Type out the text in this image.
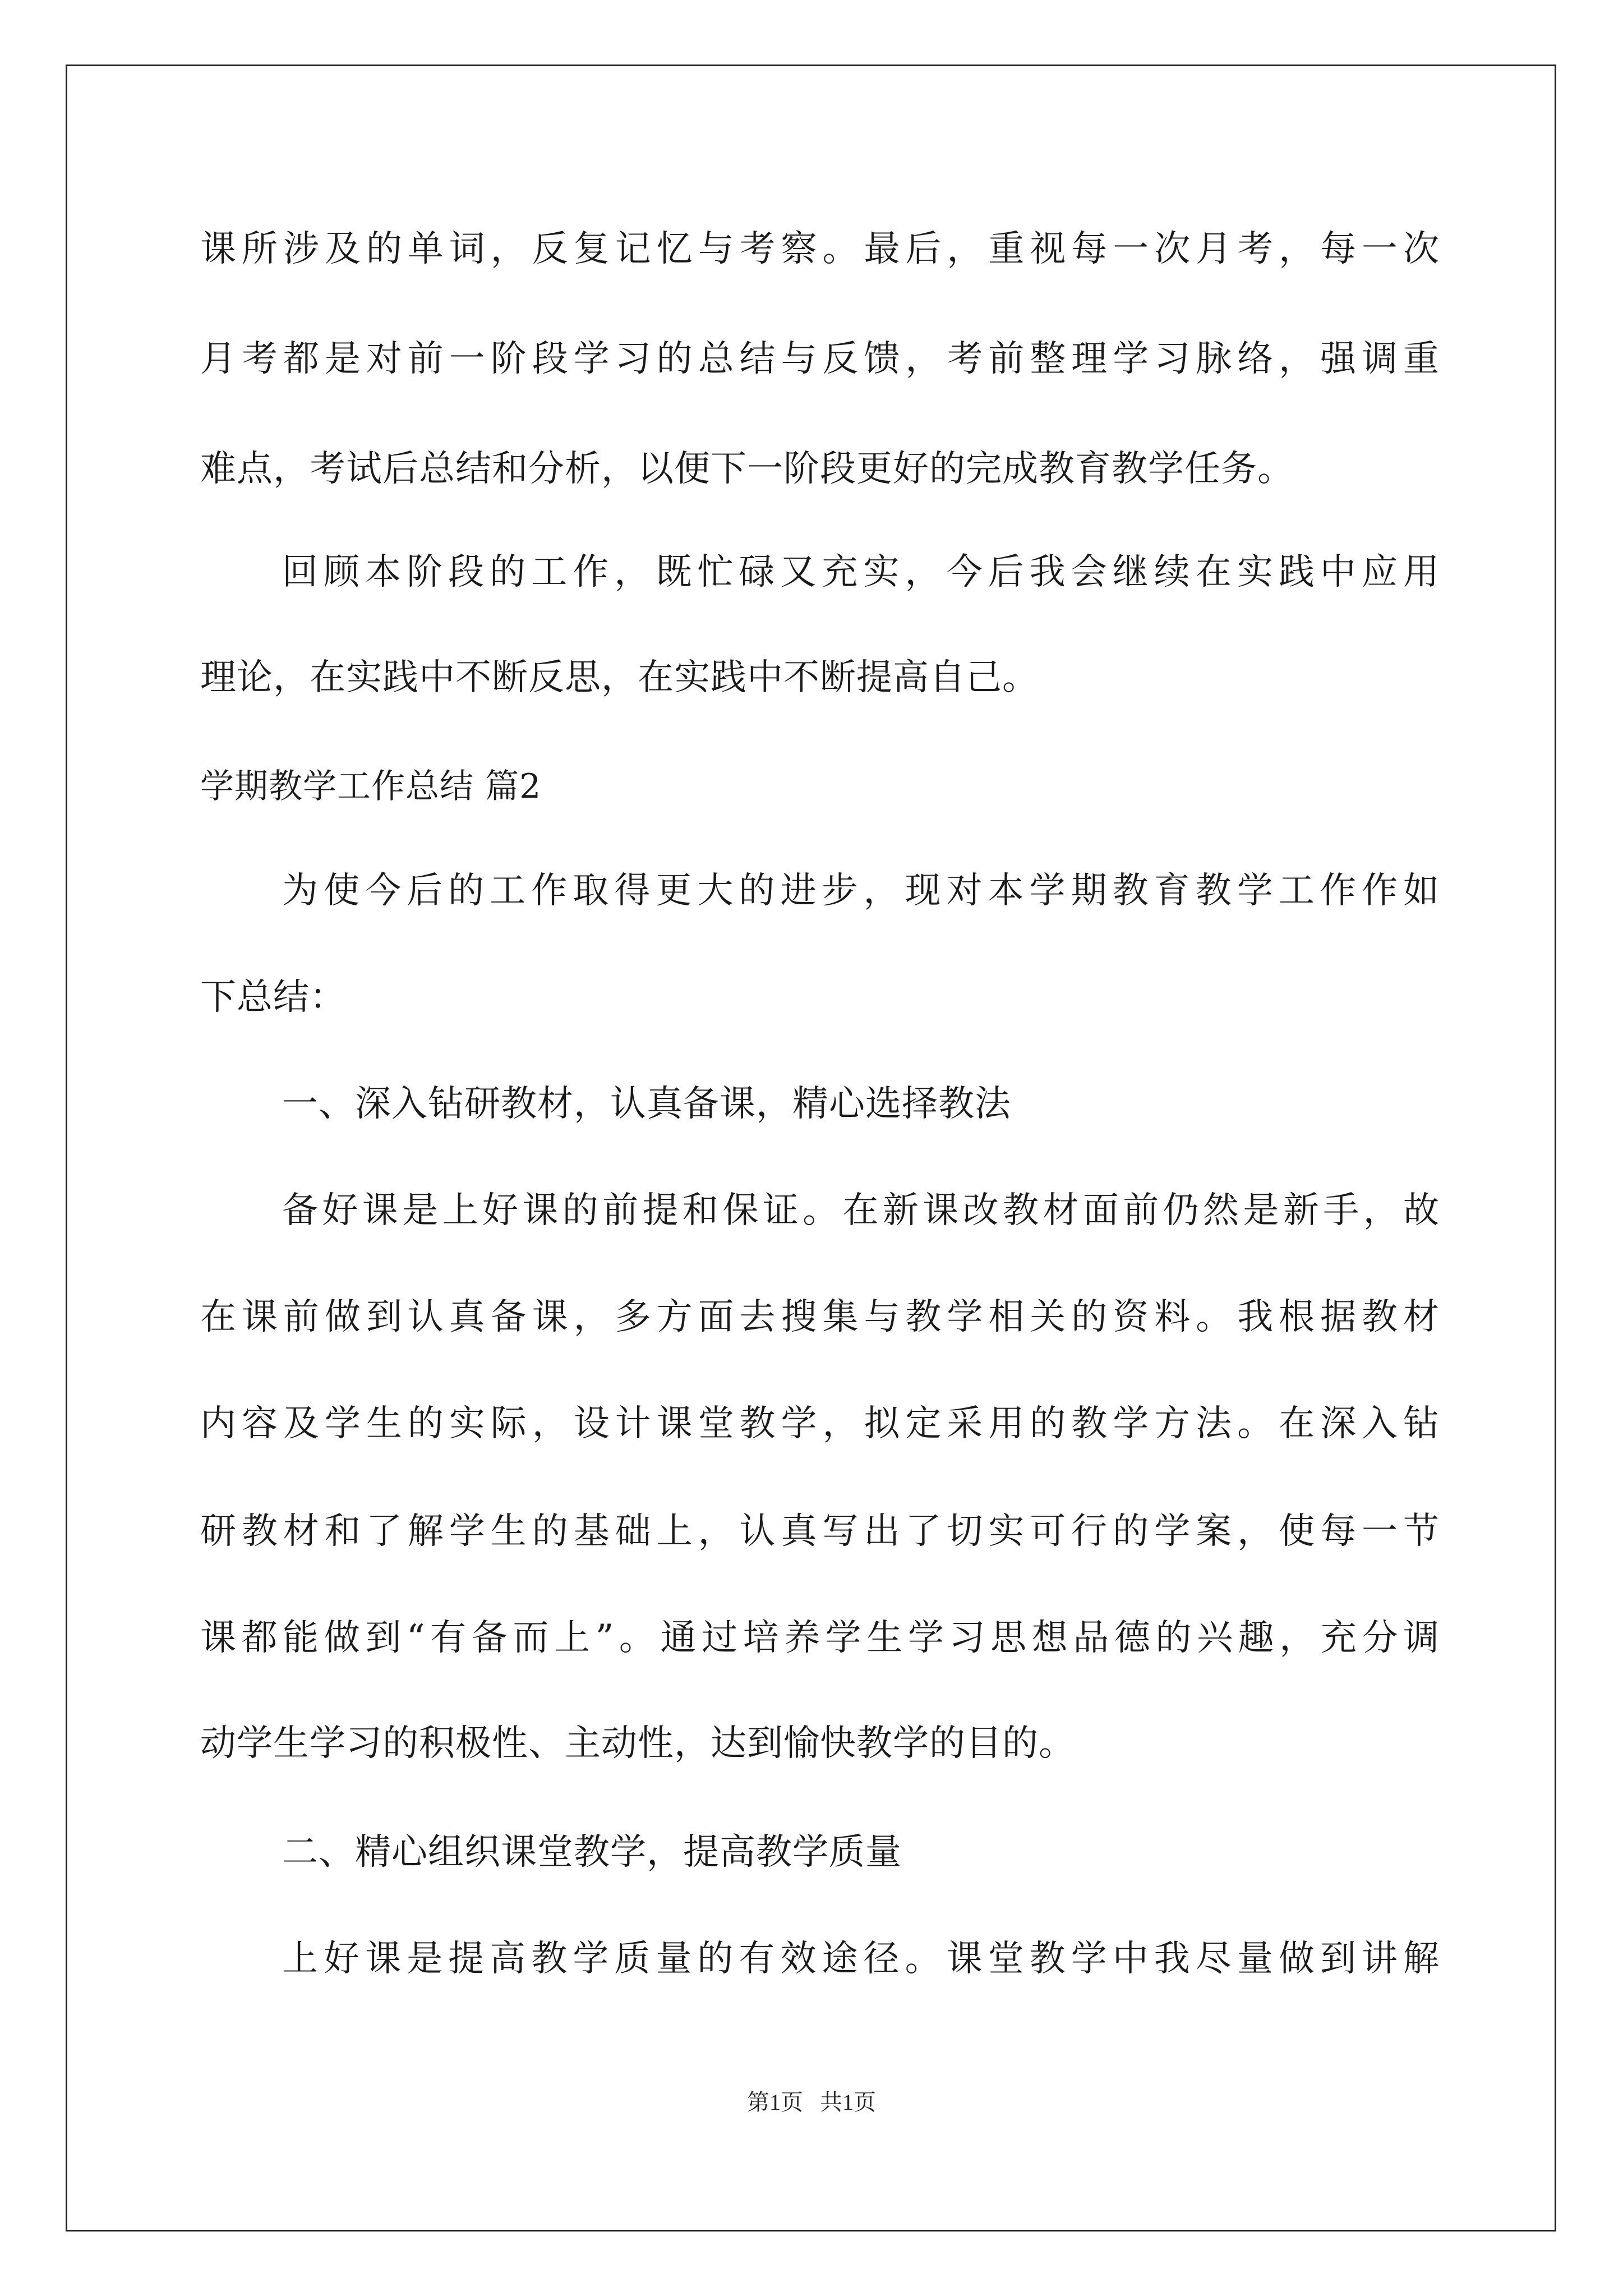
课所涉及的单词，反复记忆与考察。最后，重视每一次月考，每一次
月考都是对前一阶段学习的总结与反馈，考前整理学习脉络，强调重
难点，考试后总结和分析，以便下一阶段更好的完成教育教学任务。
回顾本阶段的工作，既忙碌又充实，今后我会继续在实践中应用
理论，在实践中不断反思，在实践中不断提高自己。
学期教学工作总结 篇2
为使今后的工作取得更大的进步，现对本学期教育教学工作作如
下总结：
一、深入钻研教材，认真备课，精心选择教法
备好课是上好课的前提和保证。在新课改教材面前仍然是新手，故
在课前做到认真备课，多方面去搜集与教学相关的资料。我根据教材
内容及学生的实际，设计课堂教学，拟定采用的教学方法。在深入钻
研教材和了解学生的基础上，认真写出了切实可行的学案，使每一节
课都能做到“有备而上”。通过培养学生学习思想品德的兴趣，充分调
动学生学习的积极性、主动性，达到愉快教学的目的。
二、精心组织课堂教学，提高教学质量
上好课是提高教学质量的有效途径。课堂教学中我尽量做到讲解
第1页   共1页
